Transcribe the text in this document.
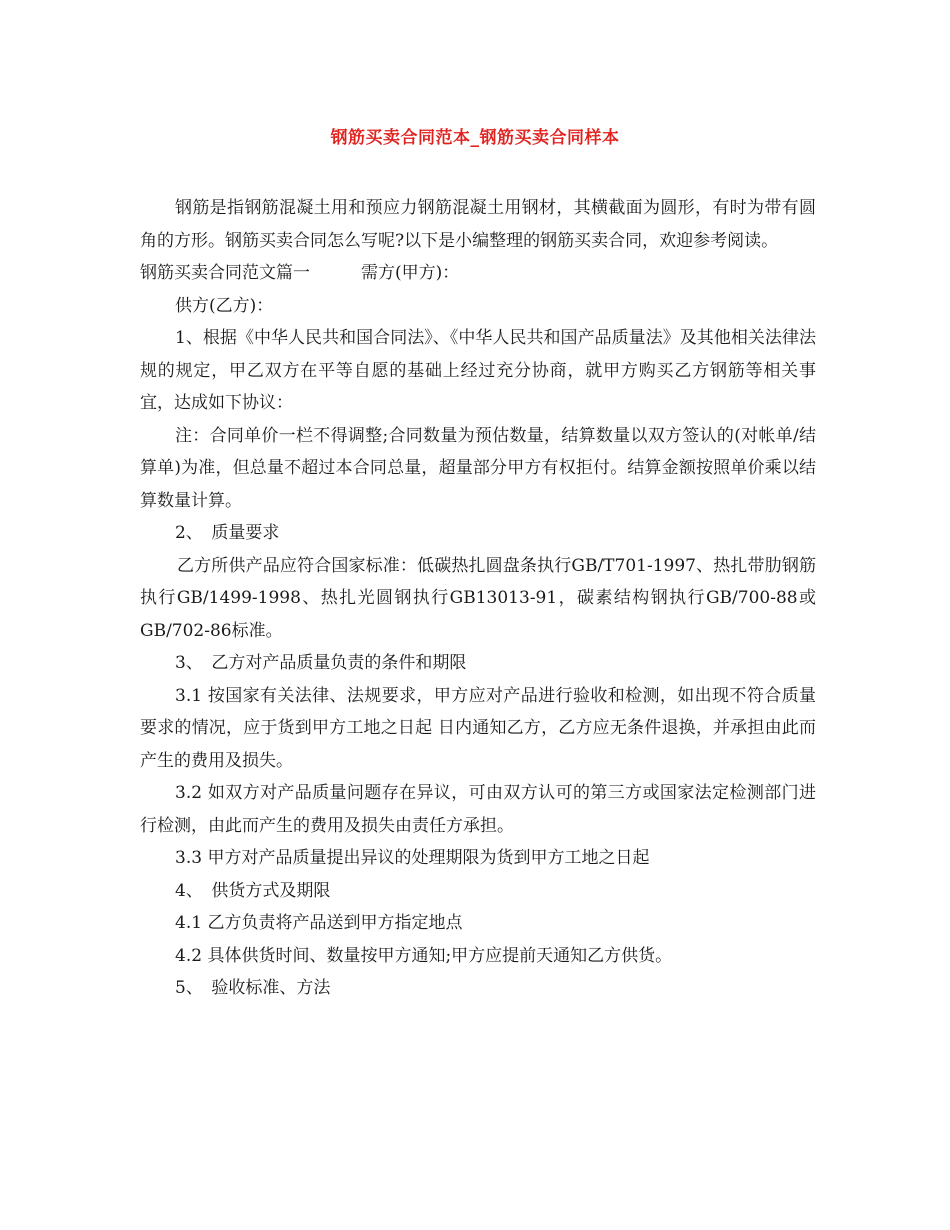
钢筋买卖合同范本_钢筋买卖合同样本

钢筋是指钢筋混凝土用和预应力钢筋混凝土用钢材，其横截面为圆形，有时为带有圆角的方形。钢筋买卖合同怎么写呢?以下是小编整理的钢筋买卖合同，欢迎参考阅读。

钢筋买卖合同范文篇一　　　需方(甲方)：

供方(乙方)：

1、根据《中华人民共和国合同法》、《中华人民共和国产品质量法》及其他相关法律法规的规定，甲乙双方在平等自愿的基础上经过充分协商，就甲方购买乙方钢筋等相关事宜，达成如下协议：

注：合同单价一栏不得调整;合同数量为预估数量，结算数量以双方签认的(对帐单/结算单)为准，但总量不超过本合同总量，超量部分甲方有权拒付。结算金额按照单价乘以结算数量计算。

2、　质量要求

乙方所供产品应符合国家标准：低碳热扎圆盘条执行GB/T701-1997、热扎带肋钢筋执行GB/1499-1998、热扎光圆钢执行GB13013-91，碳素结构钢执行GB/700-88或GB/702-86标准。

3、　乙方对产品质量负责的条件和期限

3.1 按国家有关法律、法规要求，甲方应对产品进行验收和检测，如出现不符合质量要求的情况，应于货到甲方工地之日起 日内通知乙方，乙方应无条件退换，并承担由此而产生的费用及损失。

3.2 如双方对产品质量问题存在异议，可由双方认可的第三方或国家法定检测部门进行检测，由此而产生的费用及损失由责任方承担。

3.3 甲方对产品质量提出异议的处理期限为货到甲方工地之日起

4、　供货方式及期限

4.1 乙方负责将产品送到甲方指定地点

4.2 具体供货时间、数量按甲方通知;甲方应提前天通知乙方供货。

5、　验收标准、方法
